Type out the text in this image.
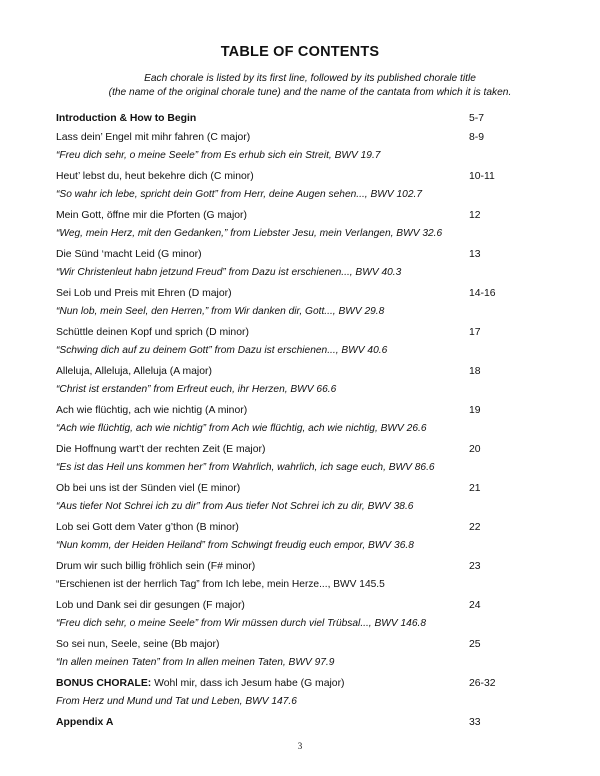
TABLE OF CONTENTS
Each chorale is listed by its first line, followed by its published chorale title
(the name of the original chorale tune) and the name of the cantata from which it is taken.
Introduction & How to Begin	5-7
Lass dein’ Engel mit mihr fahren (C major)
“Freu dich sehr, o meine Seele” from Es erhub sich ein Streit, BWV 19.7
8-9
Heut’ lebst du, heut bekehre dich (C minor)
“So wahr ich lebe, spricht dein Gott” from Herr, deine Augen sehen..., BWV 102.7
10-11
Mein Gott, öffne mir die Pforten (G major)
“Weg, mein Herz, mit den Gedanken,” from Liebster Jesu, mein Verlangen, BWV 32.6
12
Die Sünd ‘macht Leid (G minor)
“Wir Christenleut habn jetzund Freud” from Dazu ist erschienen..., BWV 40.3
13
Sei Lob und Preis mit Ehren (D major)
“Nun lob, mein Seel, den Herren,” from Wir danken dir, Gott..., BWV 29.8
14-16
Schüttle deinen Kopf und sprich (D minor)
“Schwing dich auf zu deinem Gott” from Dazu ist erschienen..., BWV 40.6
17
Alleluja, Alleluja, Alleluja (A major)
“Christ ist erstanden” from Erfreut euch, ihr Herzen, BWV 66.6
18
Ach wie flüchtig, ach wie nichtig (A minor)
“Ach wie flüchtig, ach wie nichtig” from Ach wie flüchtig, ach wie nichtig, BWV 26.6
19
Die Hoffnung wart’t der rechten Zeit (E major)
“Es ist das Heil uns kommen her” from Wahrlich, wahrlich, ich sage euch, BWV 86.6
20
Ob bei uns ist der Sünden viel (E minor)
“Aus tiefer Not Schrei ich zu dir” from Aus tiefer Not Schrei ich zu dir, BWV 38.6
21
Lob sei Gott dem Vater g’thon (B minor)
“Nun komm, der Heiden Heiland” from Schwingt freudig euch empor, BWV 36.8
22
Drum wir such billig fröhlich sein (F# minor)
“Erschienen ist der herrlich Tag” from Ich lebe, mein Herze..., BWV 145.5
23
Lob und Dank sei dir gesungen (F major)
“Freu dich sehr, o meine Seele” from Wir müssen durch viel Trübsal..., BWV 146.8
24
So sei nun, Seele, seine (Bb major)
“In allen meinen Taten” from In allen meinen Taten, BWV 97.9
25
BONUS CHORALE: Wohl mir, dass ich Jesum habe (G major)
From Herz und Mund und Tat und Leben, BWV 147.6
26-32
Appendix A	33
3
